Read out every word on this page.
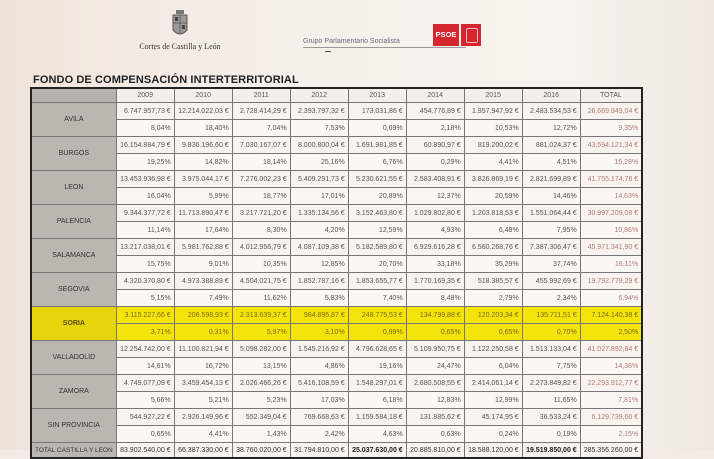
Cortes de Castilla y León
Grupo Parlamentario Socialista
PSOE
FONDO DE COMPENSACIÓN INTERTERRITORIAL
	2009	2010	2011	2012	2013	2014	2015	2016	TOTAL
AVILA	6.747.957,73 €	12.214.022,03 €	2.728.414,29 €	2.393.797,32 €	173.031,86 €	454.776,89 €	1.957.947,92 €	2.483.534,53 €	26.669.949,04 €
	8,04%	18,40%	7,04%	7,53%	0,69%	2,18%	10,53%	12,72%	9,35%
BURGOS	16.154.884,79 €	9.836.196,60 €	7.030.167,07 €	8.000.800,04 €	1.691.981,85 €	60.890,97 €	819.200,02 €	881.024,37 €	43.594.121,34 €
	19,25%	14,82%	18,14%	25,16%	6,76%	0,29%	4,41%	4,51%	15,28%
LEON	13.453.936,98 €	3.975.044,17 €	7.276.002,23 €	5.409.291,73 €	5.230.621,55 €	2.583.408,91 €	3.826.869,19 €	2.821.699,89 €	41.755.174,76 €
	16,04%	5,99%	18,77%	17,01%	20,89%	12,37%	20,59%	14,46%	14,63%
PALENCIA	9.344.377,72 €	11.713.890,47 €	3.217.721,20 €	1.335.134,56 €	3.152.463,80 €	1.029.802,80 €	1.203.818,53 €	1.551.064,44 €	30.997.209,08 €
	11,14%	17,64%	8,30%	4,20%	12,59%	4,93%	6,48%	7,95%	10,86%
SALAMANCA	13.217.038,01 €	5.981.762,88 €	4.012.956,79 €	4.087.109,38 €	5.182.589,80 €	6.929.616,28 €	6.560.268,76 €	7.387.306,47 €	45.971.341,90 €
	15,75%	9,01%	10,35%	12,85%	20,70%	33,18%	35,29%	37,74%	16,11%
SEGOVIA	4.320.370,80 €	4.973.388,89 €	4.504.021,75 €	1.852.787,16 €	1.853.655,77 €	1.770.169,35 €	518.385,57 €	455.992,69 €	19.792.779,29 €
	5,15%	7,49%	11,62%	5,83%	7,40%	8,48%	2,79%	2,34%	6,94%
SORIA	3.115.227,66 €	206.598,93 €	2.313.639,37 €	984.895,87 €	248.775,53 €	134.799,88 €	120.203,34 €	135.711,51 €	7.124.140,38 €
	3,71%	0,31%	5,97%	3,10%	0,99%	0,65%	0,65%	0,70%	2,50%
VALLADOLID	12.254.742,00 €	11.100.821,94 €	5.098.282,00 €	1.545.216,92 €	4.796.628,65 €	5.109.950,75 €	1.122.250,58 €	1.513.133,04 €	41.027.892,84 €
	14,61%	16,72%	13,15%	4,86%	19,16%	24,47%	6,04%	7,75%	14,38%
ZAMORA	4.749.077,09 €	3.459.454,13 €	2.026.466,26 €	5.416.108,59 €	1.548.297,01 €	2.680.508,55 €	2.414.061,14 €	2.273.849,82 €	22.293.912,77 €
	5,66%	5,21%	5,23%	17,03%	6,18%	12,83%	12,99%	11,65%	7,81%
SIN PROVINCIA	544.927,22 €	2.926.149,96 €	552.349,04 €	769.668,63 €	1.159.584,18 €	131.885,62 €	45.174,95 €	36.533,24 €	6.129.739,60 €
	0,65%	4,41%	1,43%	2,42%	4,63%	0,63%	0,24%	0,19%	2,15%
TOTAL CASTILLA Y LEON	83.902.540,00 €	66.387.330,00 €	38.760.020,00 €	31.794.810,00 €	25.037.630,00 €	20.885.810,00 €	18.588.120,00 €	19.519.850,00 €	285.356.260,00 €
